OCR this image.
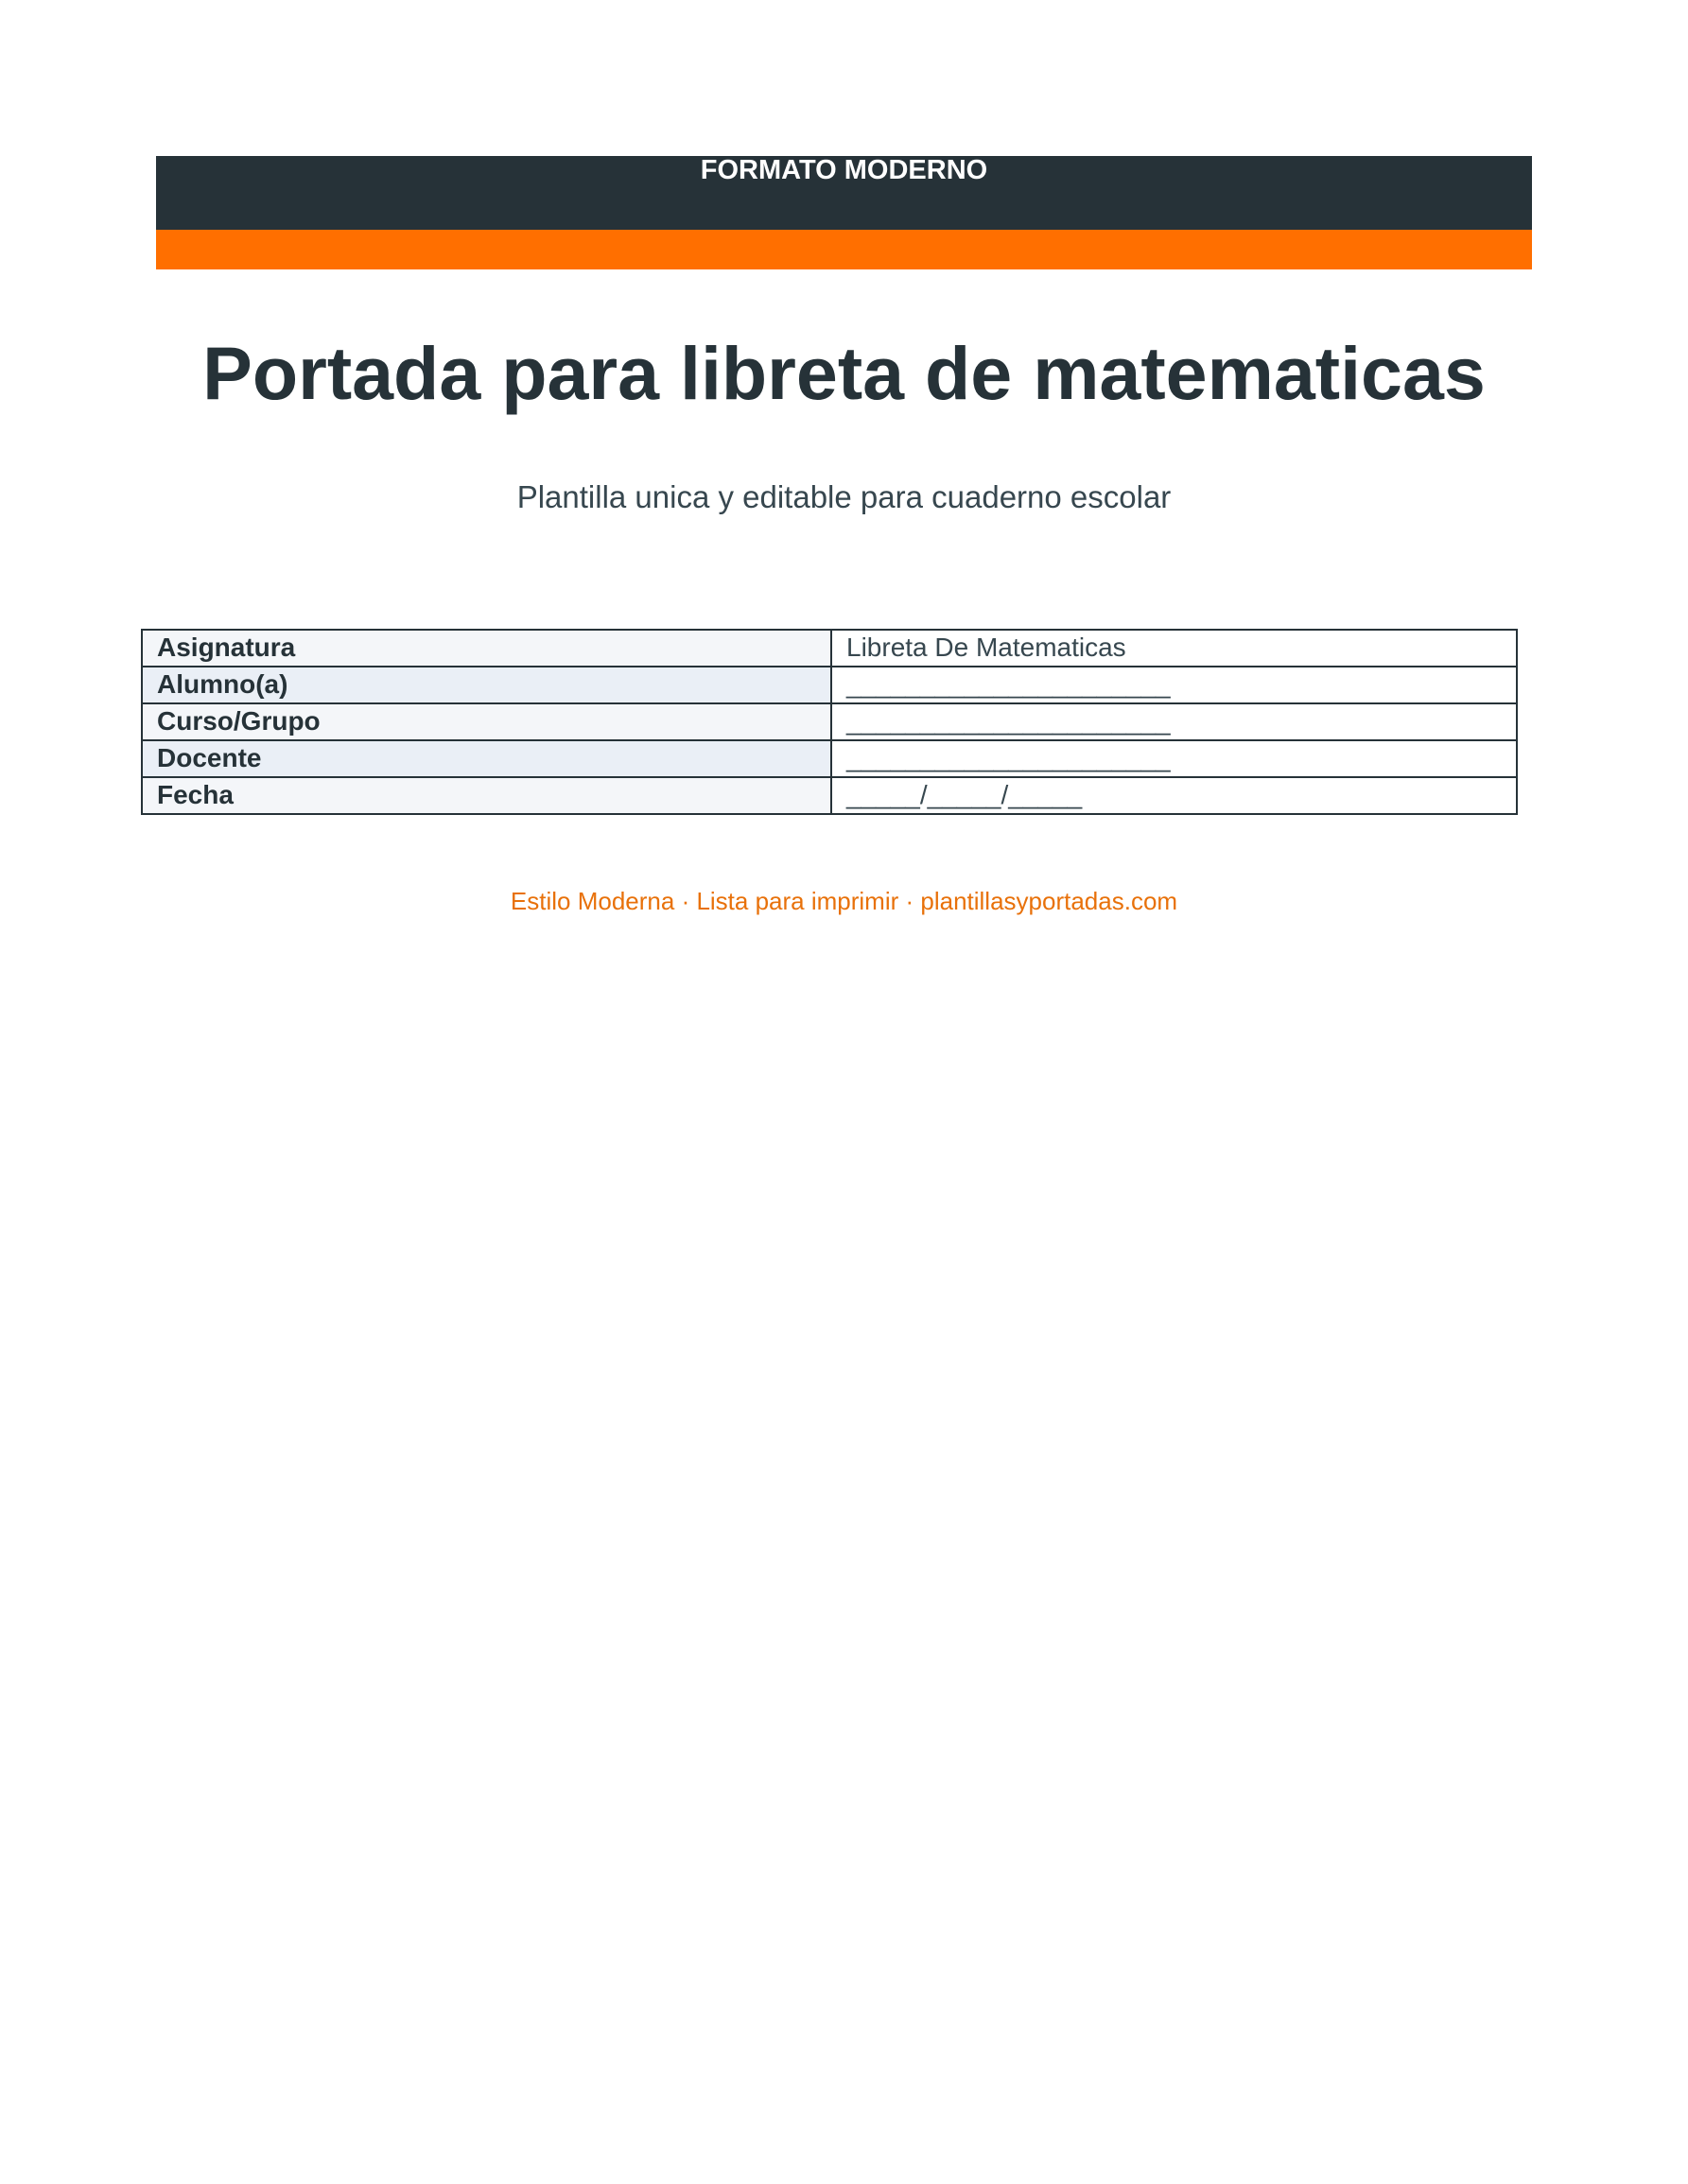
FORMATO MODERNO
Portada para libreta de matematicas

Plantilla unica y editable para cuaderno escolar

Asignatura	Libreta De Matematicas
Alumno(a)	______________________
Curso/Grupo	______________________
Docente	______________________
Fecha	_____/_____/_____

Estilo Moderna · Lista para imprimir · plantillasyportadas.com
